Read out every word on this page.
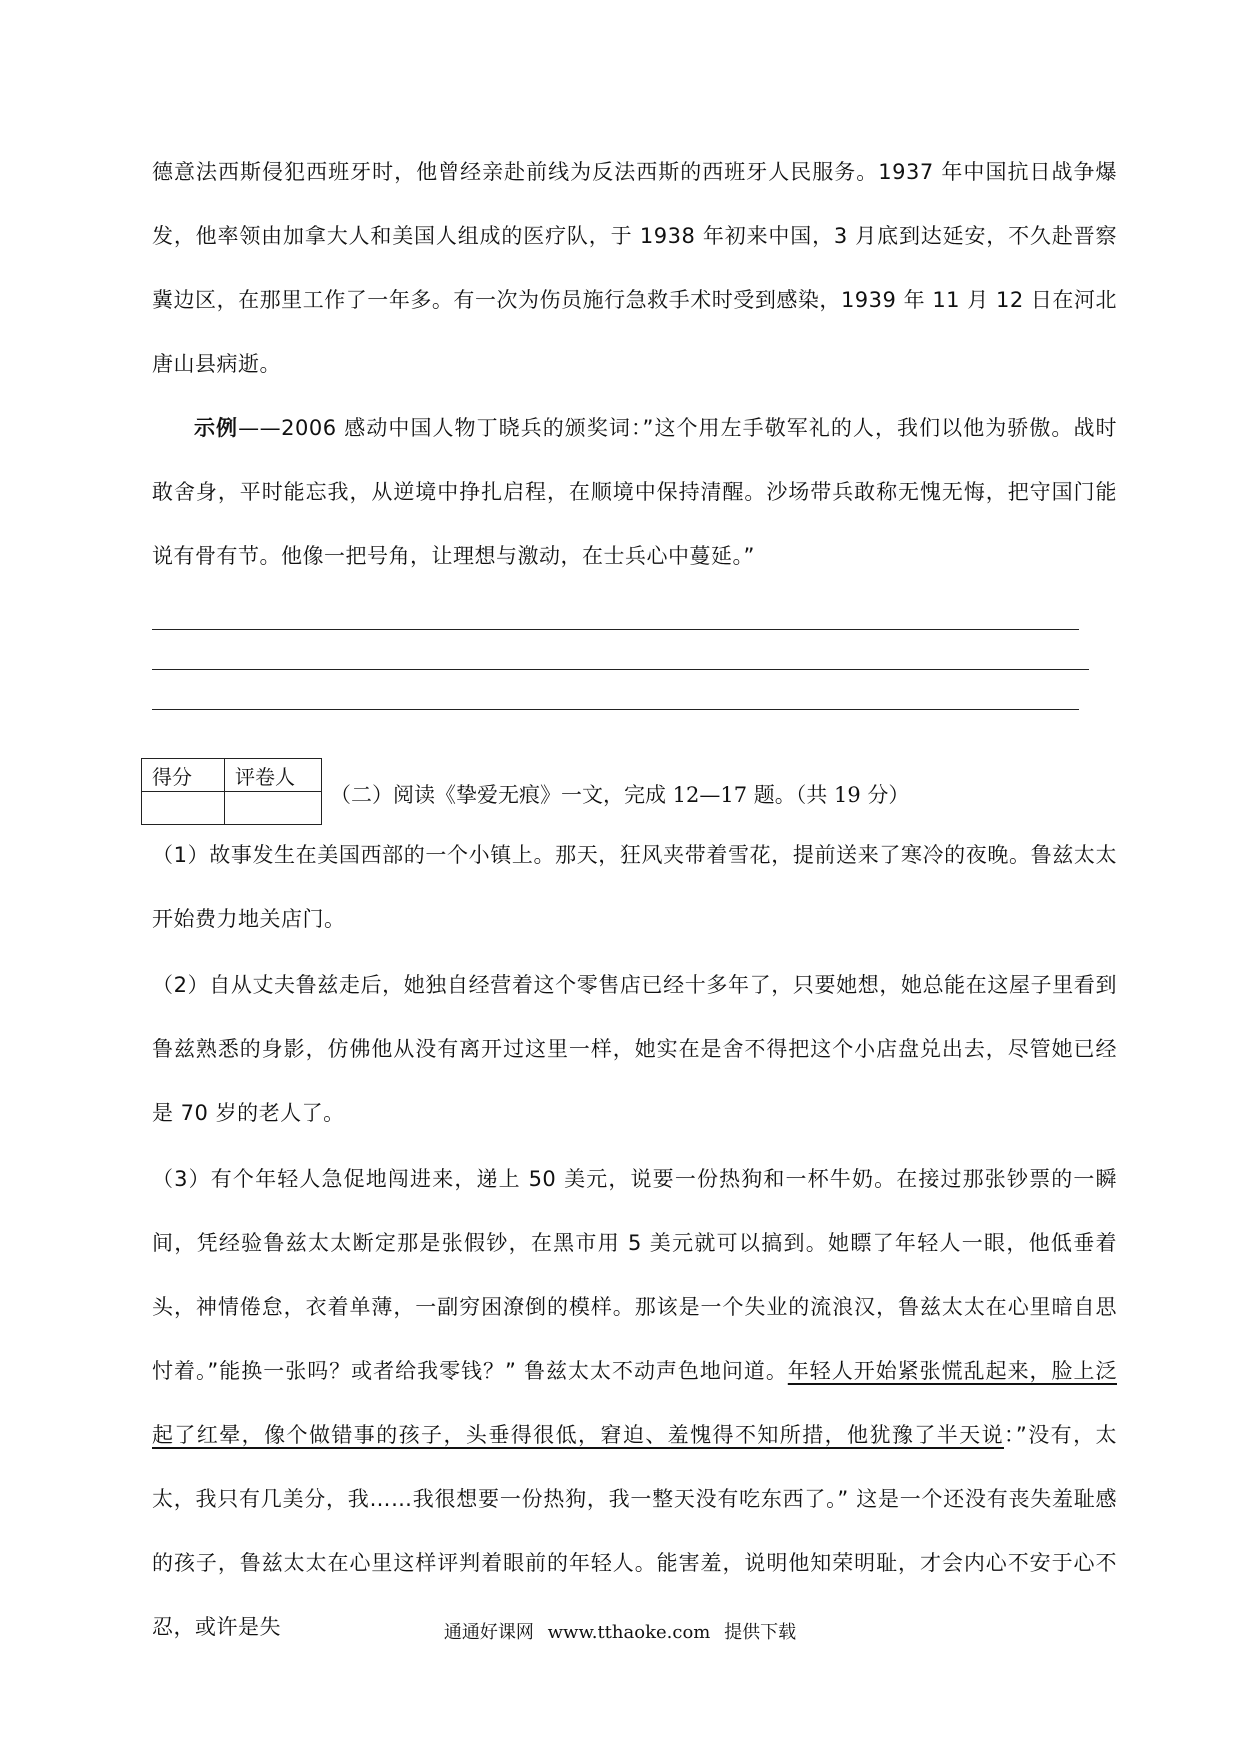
德意法西斯侵犯西班牙时，他曾经亲赴前线为反法西斯的西班牙人民服务。1937 年中国抗日战争爆发，他率领由加拿大人和美国人组成的医疗队，于 1938 年初来中国，3 月底到达延安，不久赴晋察冀边区，在那里工作了一年多。有一次为伤员施行急救手术时受到感染，1939 年 11 月 12 日在河北唐山县病逝。

示例——2006 感动中国人物丁晓兵的颁奖词：”这个用左手敬军礼的人，我们以他为骄傲。战时敢舍身，平时能忘我，从逆境中挣扎启程，在顺境中保持清醒。沙场带兵敢称无愧无悔，把守国门能说有骨有节。他像一把号角，让理想与激动，在士兵心中蔓延。”

得分	评卷人

（二）阅读《挚爱无痕》一文，完成 12—17 题。（共 19 分）

（1）故事发生在美国西部的一个小镇上。那天，狂风夹带着雪花，提前送来了寒冷的夜晚。鲁兹太太开始费力地关店门。

（2）自从丈夫鲁兹走后，她独自经营着这个零售店已经十多年了，只要她想，她总能在这屋子里看到鲁兹熟悉的身影，仿佛他从没有离开过这里一样，她实在是舍不得把这个小店盘兑出去，尽管她已经是 70 岁的老人了。

（3）有个年轻人急促地闯进来，递上 50 美元，说要一份热狗和一杯牛奶。在接过那张钞票的一瞬间，凭经验鲁兹太太断定那是张假钞，在黑市用 5 美元就可以搞到。她瞟了年轻人一眼，他低垂着头，神情倦怠，衣着单薄，一副穷困潦倒的模样。那该是一个失业的流浪汉，鲁兹太太在心里暗自思忖着。”能换一张吗？或者给我零钱？” 鲁兹太太不动声色地问道。年轻人开始紧张慌乱起来，脸上泛起了红晕，像个做错事的孩子，头垂得很低，窘迫、羞愧得不知所措，他犹豫了半天说：”没有，太太，我只有几美分，我……我很想要一份热狗，我一整天没有吃东西了。” 这是一个还没有丧失羞耻感的孩子，鲁兹太太在心里这样评判着眼前的年轻人。能害羞，说明他知荣明耻，才会内心不安于心不忍，或许是失	通通好课网 www.tthaoke.com 提供下载
